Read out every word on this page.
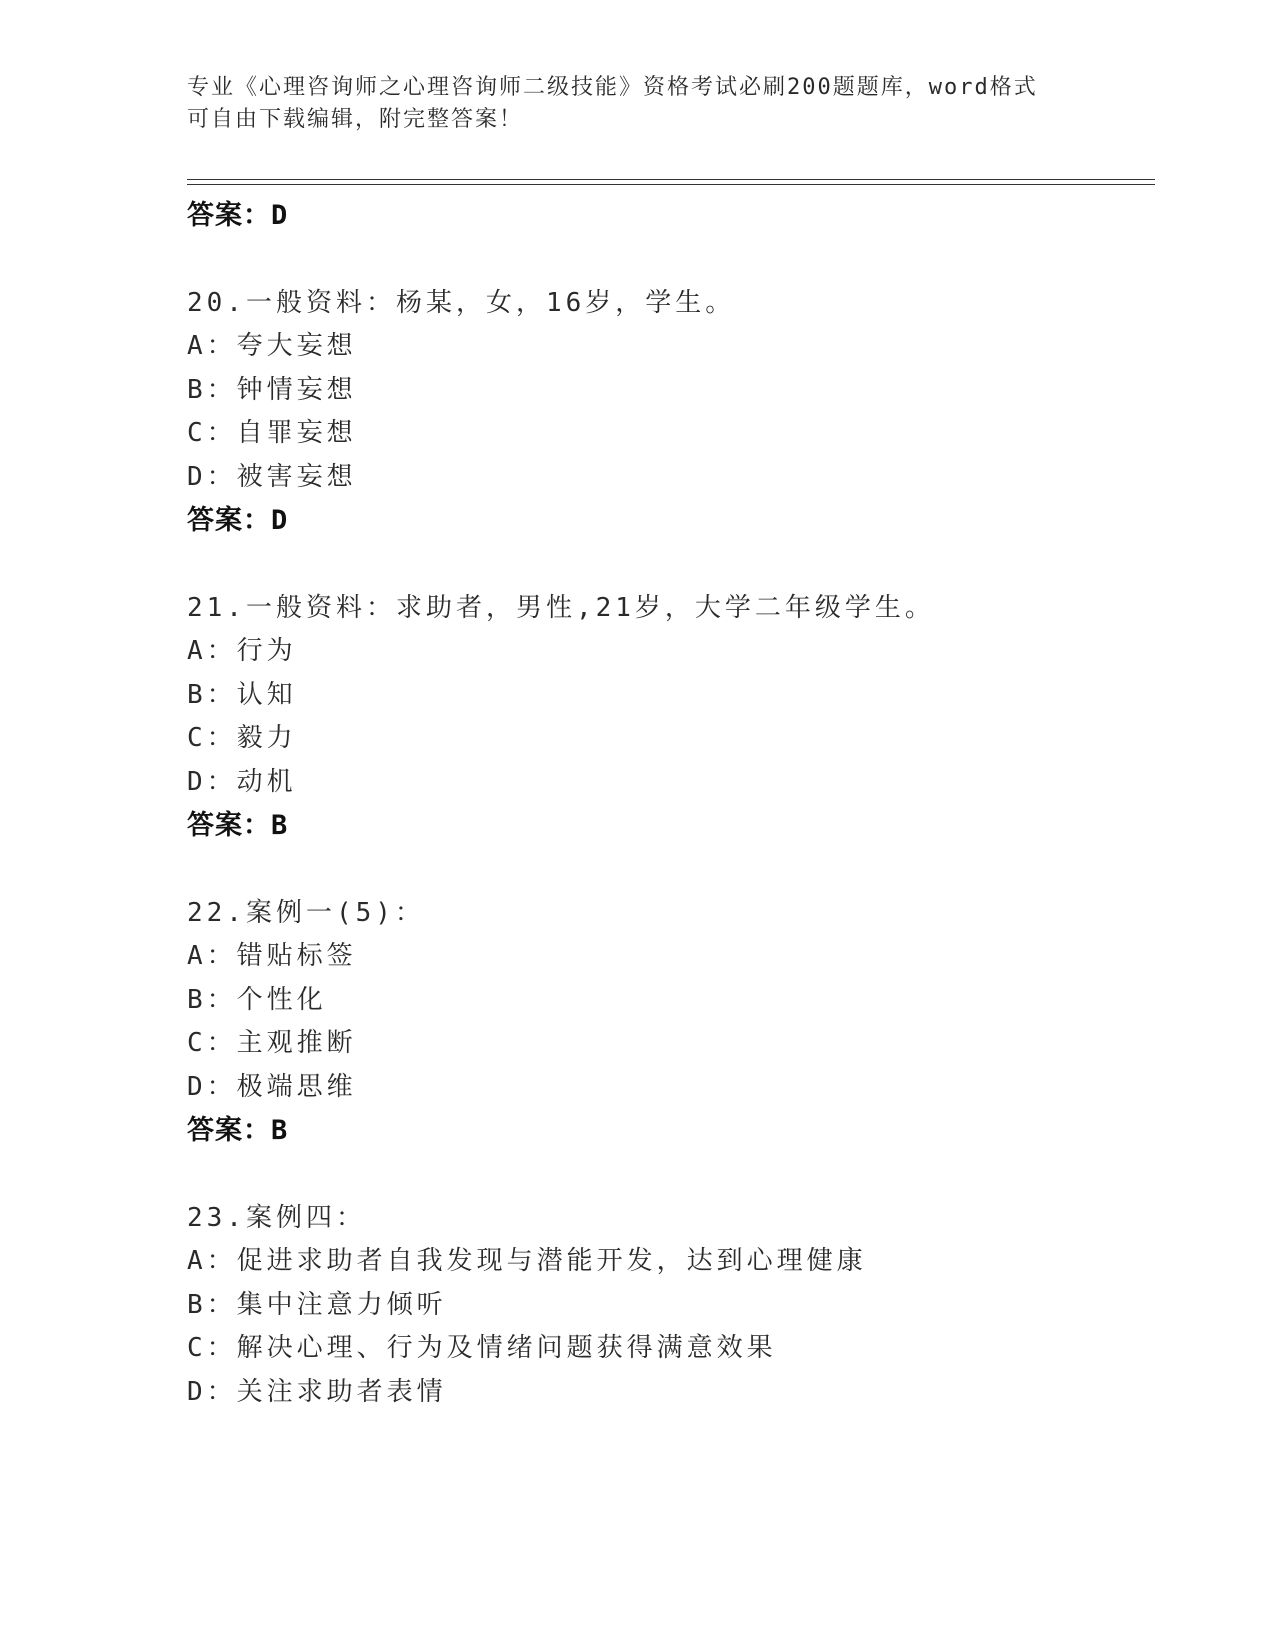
专业《心理咨询师之心理咨询师二级技能》资格考试必刷200题题库，word格式
可自由下载编辑，附完整答案！
答案：D
20.一般资料：杨某，女，16岁，学生。
A：夸大妄想
B：钟情妄想
C：自罪妄想
D：被害妄想
答案：D
21.一般资料：求助者，男性,21岁，大学二年级学生。
A：行为
B：认知
C：毅力
D：动机
答案：B
22.案例一(5)：
A：错贴标签
B：个性化
C：主观推断
D：极端思维
答案：B
23.案例四：
A：促进求助者自我发现与潜能开发，达到心理健康
B：集中注意力倾听
C：解决心理、行为及情绪问题获得满意效果
D：关注求助者表情
